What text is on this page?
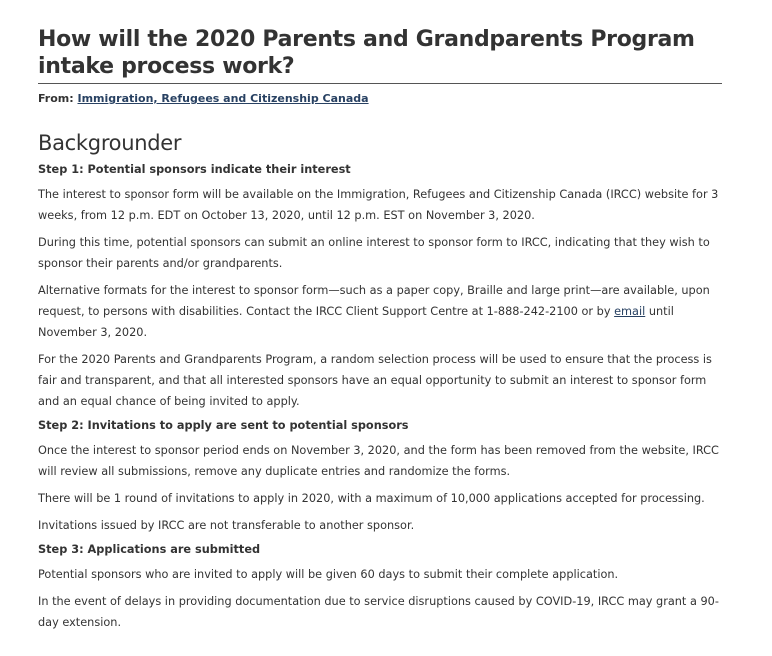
How will the 2020 Parents and Grandparents Program intake process work?

From: Immigration, Refugees and Citizenship Canada

Backgrounder

Step 1: Potential sponsors indicate their interest

The interest to sponsor form will be available on the Immigration, Refugees and Citizenship Canada (IRCC) website for 3 weeks, from 12 p.m. EDT on October 13, 2020, until 12 p.m. EST on November 3, 2020.

During this time, potential sponsors can submit an online interest to sponsor form to IRCC, indicating that they wish to sponsor their parents and/or grandparents.

Alternative formats for the interest to sponsor form—such as a paper copy, Braille and large print—are available, upon request, to persons with disabilities. Contact the IRCC Client Support Centre at 1-888-242-2100 or by email until November 3, 2020.

For the 2020 Parents and Grandparents Program, a random selection process will be used to ensure that the process is fair and transparent, and that all interested sponsors have an equal opportunity to submit an interest to sponsor form and an equal chance of being invited to apply.

Step 2: Invitations to apply are sent to potential sponsors

Once the interest to sponsor period ends on November 3, 2020, and the form has been removed from the website, IRCC will review all submissions, remove any duplicate entries and randomize the forms.

There will be 1 round of invitations to apply in 2020, with a maximum of 10,000 applications accepted for processing.

Invitations issued by IRCC are not transferable to another sponsor.

Step 3: Applications are submitted

Potential sponsors who are invited to apply will be given 60 days to submit their complete application.

In the event of delays in providing documentation due to service disruptions caused by COVID-19, IRCC may grant a 90-day extension.
